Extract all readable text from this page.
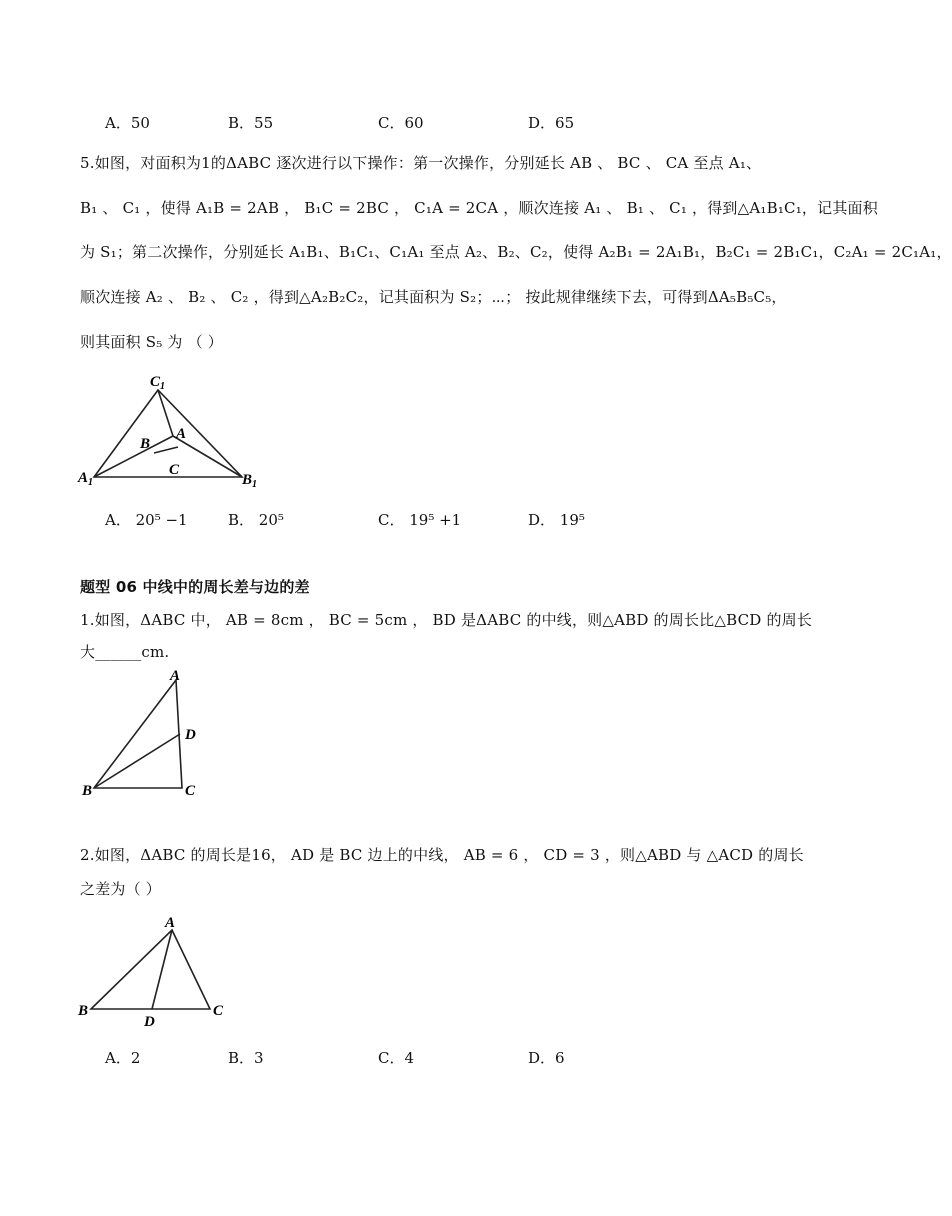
A．50	B．55	C．60	D．65
5.如图，对面积为1的ΔABC 逐次进行以下操作：第一次操作，分别延长 AB 、 BC 、 CA 至点 A₁、
B₁ 、 C₁ ，使得 A₁B = 2AB ， B₁C = 2BC ， C₁A = 2CA ，顺次连接 A₁ 、 B₁ 、 C₁ ，得到△A₁B₁C₁，记其面积
为 S₁；第二次操作，分别延长 A₁B₁、B₁C₁、C₁A₁ 至点 A₂、B₂、C₂，使得 A₂B₁ = 2A₁B₁，B₂C₁ = 2B₁C₁，C₂A₁ = 2C₁A₁，
顺次连接 A₂ 、 B₂ 、 C₂ ，得到△A₂B₂C₂，记其面积为 S₂；⋯； 按此规律继续下去，可得到ΔA₅B₅C₅，
则其面积 S₅ 为 （ ）
$C_1$
A
B
C
$A_1$	$B_1$
A． 20⁵ −1	B． 20⁵	C． 19⁵ +1	D． 19⁵
题型 06 中线中的周长差与边的差
1.如图，ΔABC 中， AB = 8cm ， BC = 5cm ， BD 是ΔABC 的中线，则△ABD 的周长比△BCD 的周长
大______cm.
A
D
B	C
2.如图，ΔABC 的周长是16， AD 是 BC 边上的中线， AB = 6 ， CD = 3 ，则△ABD 与 △ACD 的周长
之差为（ ）
A
B
D
C
A．2	B．3	C．4	D．6
